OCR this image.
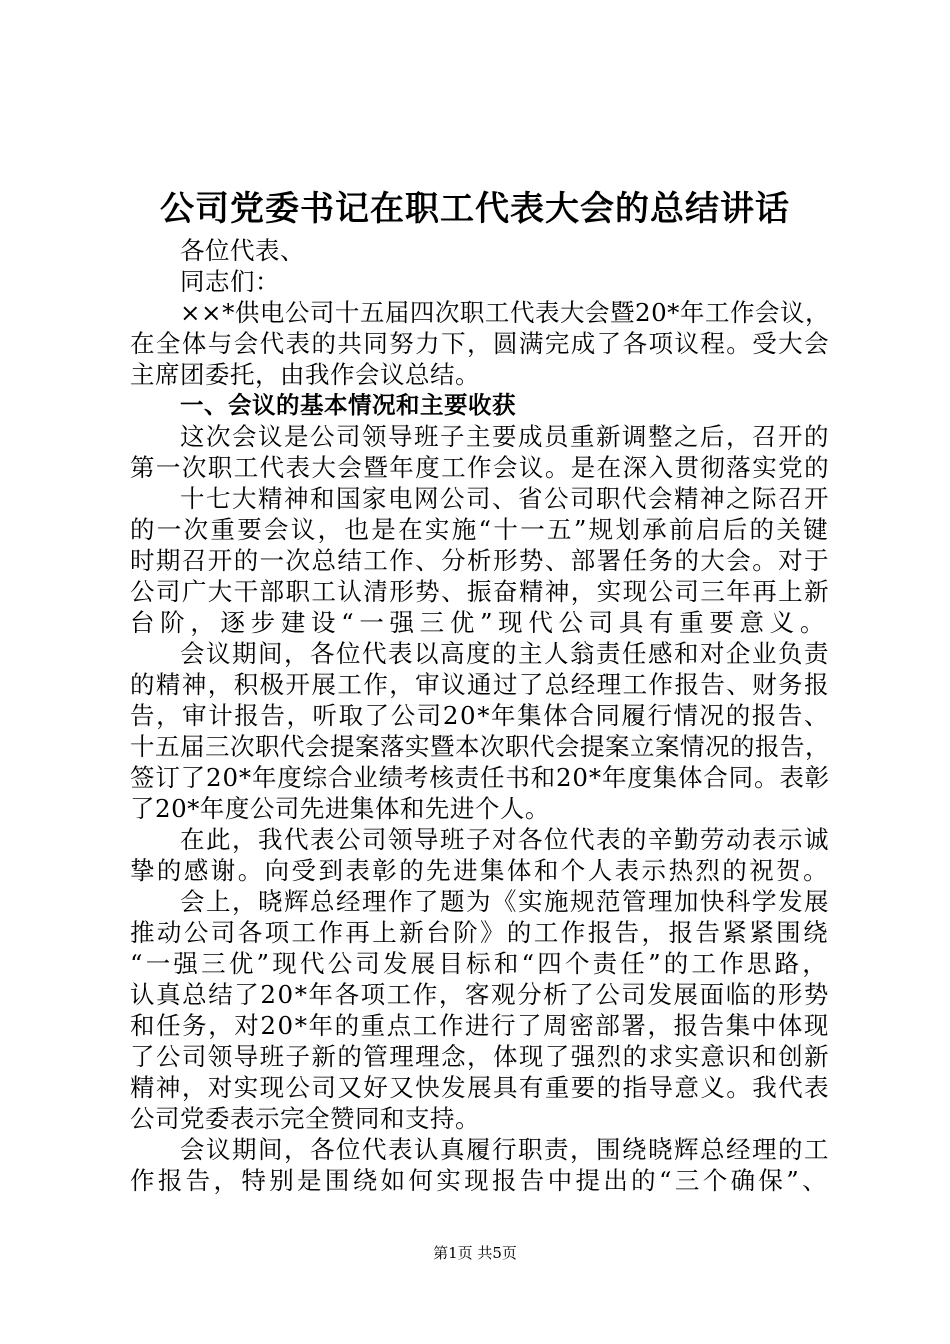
公司党委书记在职工代表大会的总结讲话
各位代表、
同志们：
××*供电公司十五届四次职工代表大会暨20*年工作会议，
在全体与会代表的共同努力下，圆满完成了各项议程。受大会
主席团委托，由我作会议总结。
一、会议的基本情况和主要收获
这次会议是公司领导班子主要成员重新调整之后，召开的
第一次职工代表大会暨年度工作会议。是在深入贯彻落实党的
十七大精神和国家电网公司、省公司职代会精神之际召开
的一次重要会议，也是在实施“十一五”规划承前启后的关键
时期召开的一次总结工作、分析形势、部署任务的大会。对于
公司广大干部职工认清形势、振奋精神，实现公司三年再上新
台阶，逐步建设“一强三优”现代公司具有重要意义。
会议期间，各位代表以高度的主人翁责任感和对企业负责
的精神，积极开展工作，审议通过了总经理工作报告、财务报
告，审计报告，听取了公司20*年集体合同履行情况的报告、
十五届三次职代会提案落实暨本次职代会提案立案情况的报告，
签订了20*年度综合业绩考核责任书和20*年度集体合同。表彰
了20*年度公司先进集体和先进个人。
在此，我代表公司领导班子对各位代表的辛勤劳动表示诚
挚的感谢。向受到表彰的先进集体和个人表示热烈的祝贺。
会上，晓辉总经理作了题为《实施规范管理加快科学发展
推动公司各项工作再上新台阶》的工作报告，报告紧紧围绕
“一强三优”现代公司发展目标和“四个责任”的工作思路，
认真总结了20*年各项工作，客观分析了公司发展面临的形势
和任务，对20*年的重点工作进行了周密部署，报告集中体现
了公司领导班子新的管理理念，体现了强烈的求实意识和创新
精神，对实现公司又好又快发展具有重要的指导意义。我代表
公司党委表示完全赞同和支持。
会议期间，各位代表认真履行职责，围绕晓辉总经理的工
作报告，特别是围绕如何实现报告中提出的“三个确保”、
第1页 共5页
